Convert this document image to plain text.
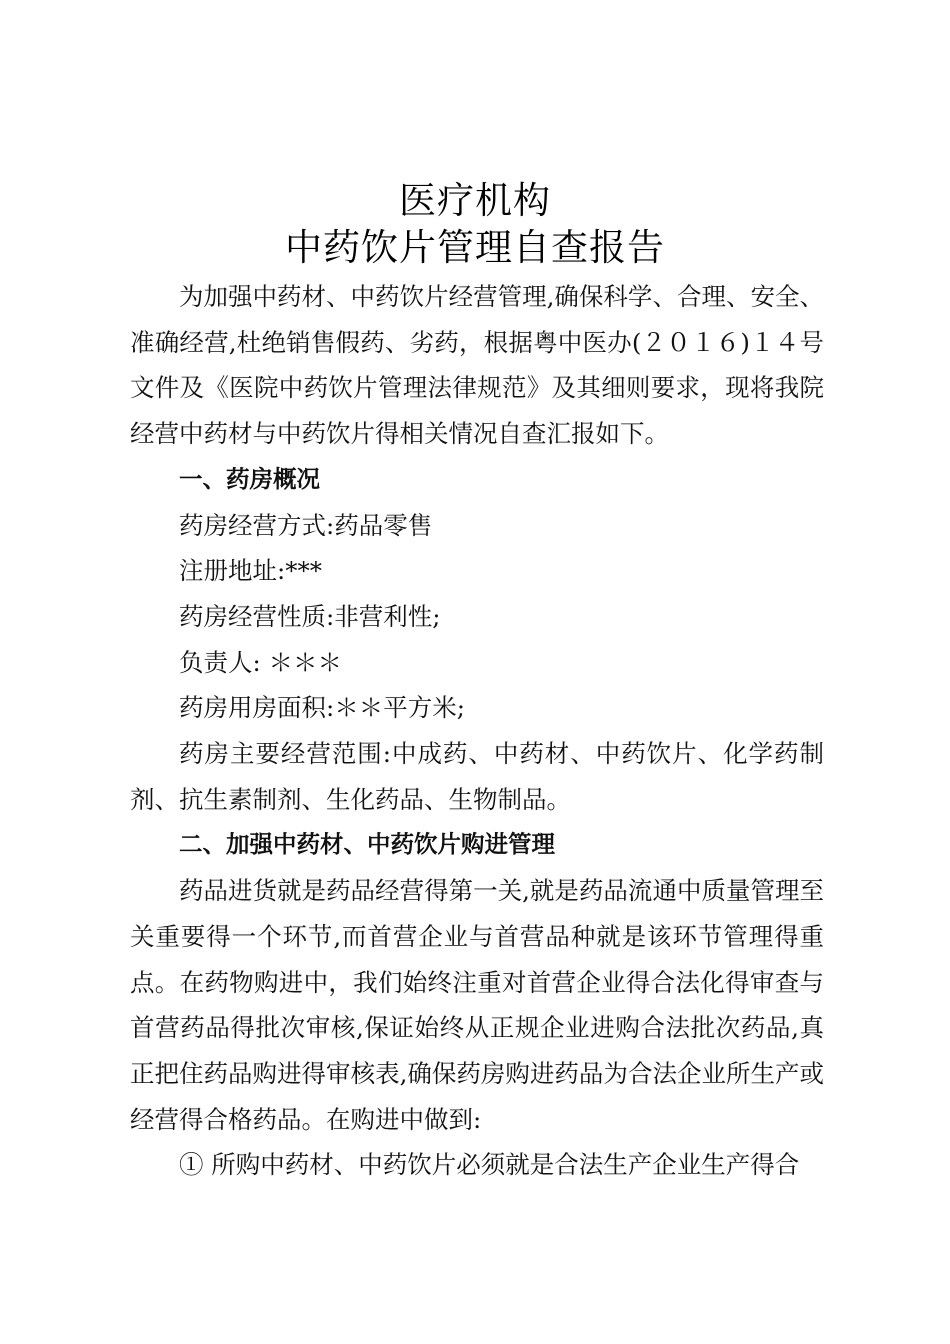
医疗机构
中药饮片管理自查报告

为加强中药材、中药饮片经营管理,确保科学、合理、安全、准确经营,杜绝销售假药、劣药，根据粤中医办(２０１６)１４号文件及《医院中药饮片管理法律规范》及其细则要求，现将我院经营中药材与中药饮片得相关情况自查汇报如下。

一、药房概况

药房经营方式:药品零售

注册地址:***

药房经营性质:非营利性;

负责人: ＊＊＊

药房用房面积:＊＊平方米;

药房主要经营范围:中成药、中药材、中药饮片、化学药制剂、抗生素制剂、生化药品、生物制品。

二、加强中药材、中药饮片购进管理

药品进货就是药品经营得第一关,就是药品流通中质量管理至关重要得一个环节,而首营企业与首营品种就是该环节管理得重点。在药物购进中，我们始终注重对首营企业得合法化得审查与首营药品得批次审核,保证始终从正规企业进购合法批次药品,真正把住药品购进得审核表,确保药房购进药品为合法企业所生产或经营得合格药品。在购进中做到:

① 所购中药材、中药饮片必须就是合法生产企业生产得合
